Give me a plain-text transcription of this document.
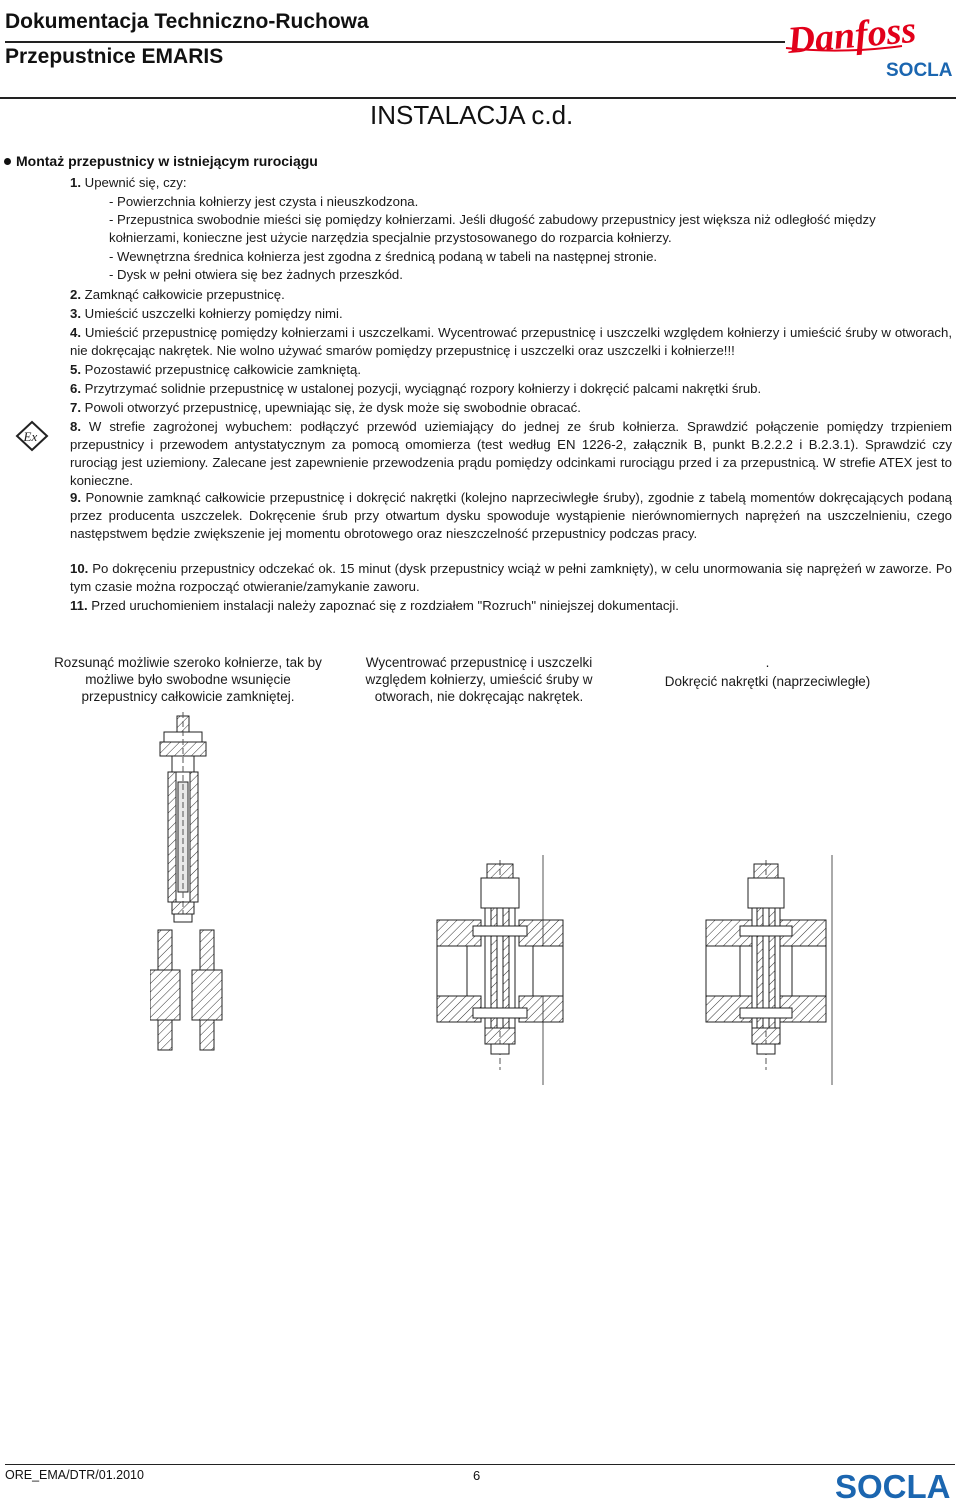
Dokumentacja Techniczno-Ruchowa
Przepustnice EMARIS	Danfoss
SOCLA
INSTALACJA c.d.
Montaż przepustnicy w istniejącym rurociągu
1. Upewnić się, czy:
- Powierzchnia kołnierzy jest czysta i nieuszkodzona.
- Przepustnica swobodnie mieści się pomiędzy kołnierzami. Jeśli długość zabudowy przepustnicy jest większa niż odległość między kołnierzami, konieczne jest użycie narzędzia specjalnie przystosowanego do rozparcia kołnierzy.
- Wewnętrzna średnica kołnierza jest zgodna z średnicą podaną w tabeli na następnej stronie.
- Dysk w pełni otwiera się bez żadnych przeszkód.
2. Zamknąć całkowicie przepustnicę.
3. Umieścić uszczelki kołnierzy pomiędzy nimi.
4. Umieścić przepustnicę pomiędzy kołnierzami i uszczelkami. Wycentrować przepustnicę i uszczelki względem kołnierzy i umieścić śruby w otworach, nie dokręcając nakrętek. Nie wolno używać smarów pomiędzy przepustnicę i uszczelki oraz uszczelki i kołnierze!!!
5. Pozostawić przepustnicę całkowicie zamkniętą.
6. Przytrzymać solidnie przepustnicę w ustalonej pozycji, wyciągnąć rozpory kołnierzy i dokręcić palcami nakrętki śrub.
7. Powoli otworzyć przepustnicę, upewniając się, że dysk może się swobodnie obracać.
Ex
8. W strefie zagrożonej wybuchem: podłączyć przewód uziemiający do jednej ze śrub kołnierza. Sprawdzić połączenie pomiędzy trzpieniem przepustnicy i przewodem antystatycznym za pomocą omomierza (test według EN 1226-2, załącznik B, punkt B.2.2.2 i B.2.3.1). Sprawdzić czy rurociąg jest uziemiony. Zalecane jest zapewnienie przewodzenia prądu pomiędzy odcinkami rurociągu przed i za przepustnicą. W strefie ATEX jest to konieczne.
9. Ponownie zamknąć całkowicie przepustnicę i dokręcić nakrętki (kolejno naprzeciwległe śruby), zgodnie z tabelą momentów dokręcających podaną przez producenta uszczelek. Dokręcenie śrub przy otwartum dysku spowoduje wystąpienie nierównomiernych naprężeń na uszczelnieniu, czego następstwem będzie zwiększenie jej momentu obrotowego oraz nieszczelność przepustnicy podczas pracy.
10. Po dokręceniu przepustnicy odczekać ok. 15 minut (dysk przepustnicy wciąż w pełni zamknięty), w celu unormowania się naprężeń w zaworze. Po tym czasie można rozpocząć otwieranie/zamykanie zaworu.
11. Przed uruchomieniem instalacji należy zapoznać się z rozdziałem "Rozruch" niniejszej dokumentacji.
Rozsunąć możliwie szeroko kołnierze, tak by możliwe było swobodne wsunięcie przepustnicy całkowicie zamkniętej.
Wycentrować przepustnicę i uszczelki względem kołnierzy, umieścić śruby w otworach, nie dokręcając nakrętek.
.
Dokręcić nakrętki (naprzeciwległe)
ORE_EMA/DTR/01.2010	6	SOCLA
